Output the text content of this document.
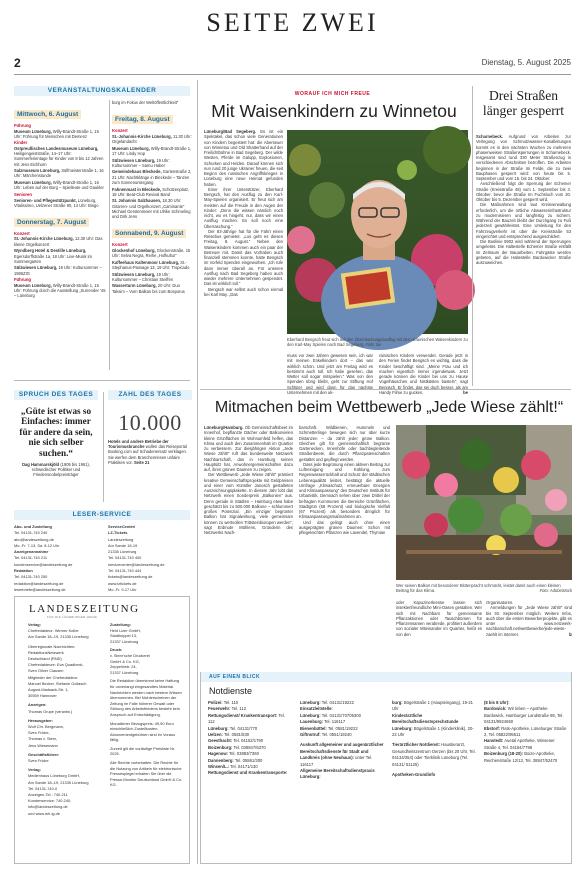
SEITE ZWEI
2	Dienstag, 5. August 2025
VERANSTALTUNGSKALENDER
Mittwoch, 6. August
Führung
Museum Lüneburg, Willy-Brandt-Straße 1, 15 Uhr: Führung für Menschen mit Demenz
Kinder
Ostpreußisches Landesmuseum Lüneburg, Heiligengeiststraße, 14–17 Uhr: Sommerferientage für Kinder von 8 bis 12 Jahren mit Jens Eichhorn
Salzmuseum Lüneburg, Sülfmeisterstraße 1, 16 Uhr: Märchenstunde
Museum Lüneburg, Willy-Brandt-Straße 1, 16 Uhr: Leben auf der Burg – Spielleute und Gaukler
Senioren
Senioren- und Pflegestützpunkt, Lüneburg, Vitalissimo, Uelzener Straße 90, 14 Uhr: Bingo
Donnerstag, 7. August
Konzert
St.-Johannis-Kirche Lüneburg, 12.30 Uhr: Das kleine Orgelkonzert
Wyndberg Hotel & Destille Lüneburg, Egersdorffstraße 1a, 18 Uhr: Live-Musik im Sommergarten
Sülzwiesen Lüneburg, 19 Uhr: Kultursommer – 1986ZIG
Führung
Museum Lüneburg, Willy-Brandt-Straße 1, 15 Uhr: Führung durch die Ausstellung „Surrender ’45 – Lüneburg
burg im Fokus der Weltöffentlichkeit“
Freitag, 8. August
Konzert
St.-Johannis-Kirche Lüneburg, 11.30 Uhr: Orgelandacht
Museum Lüneburg, Willy-Brandt-Straße 1, 17 Uhr: Lindy Hop
Sülzwiesen Lüneburg, 19 Uhr: Kultursommer – Samu Haber
Gemeindehaus Bleckede, Gartenstraße 2, 21 Uhr: Nachtklänge in Bleckede – Tanzen zum Sonnenuntergang
Fahnenmast in Bleckede, Schützenplatz, 18 Uhr: Beat-Club Revival Band
St. Johannis Salzhausen, 18.30 Uhr: Gitarren- und Orgelkonzert „Caminante“ Michael Gerstenmeier mit Ulrike Schmeling und Dirk Jens
Sonnabend, 9. August
Konzert
Glockenhof Lüneburg, Glockenstraße, 15 Uhr: Selva Negra, Reihe „Hofkultur“
Kaffeehaus Kaltenmoor Lüneburg, St.-Stephanus-Passage 13, 19 Uhr: Tropicado
Sülzwiesen Lüneburg, 19 Uhr: Kultursommer – Christian Steiffen
Wasserturm Lüneburg, 20 Uhr: Duo Taksim – Vom Balkan bis zum Bosporus
SPRUCH DES TAGES
„Güte ist etwas so Einfaches: immer für andere da sein, nie sich selber suchen.“
Dag Hammarskjöld (1905 bis 1961), schwedischer Politiker und Friedensnobelpreisträger
ZAHL DES TAGES
10.000
Hotels und andere Betriebe der Tourismusbranche wollen das Reiseportal Booking.com auf Schadenersatz verklagen. Sie werfen dem Branchenriesen unfaire Praktiken vor. Seite 21
LESER-SERVICE
Abo- und Zustellung
Tel. 04131-740 240
abo@landeszeitung.de
Mo.-Fr. 7-13, Sa. 8-12 Uhr
Anzeigenannahme
Tel. 04131-740 211
kundenservice@landeszeitung.de
Redaktion
Tel. 04131-740 250
redaktion@landeszeitung.de
leserbriefe@landeszeitung.de
ServiceCenter/
LZ-Tickets
Landeszeitung
Am Sande 18-19
21335 Lüneburg
Tel. 04131-740 400
servicecenter@landeszeitung.de
Tel. 04131-740 444
tickets@landeszeitung.de
www.lztickets.de
Mo.-Fr. 9-17 Uhr
LANDESZEITUNG
FÜR DIE LÜNEBURGER HEIDE
Verlag:
Chefredakteur: Werner Kolbe
Am Sande 18–19, 21335 Lüneburg
Überregionale Nachrichten:
RedaktionsNetzwerk
Deutschland (RND)
Chefredakteure: Eva Quadbeck,
Sven Oliver Clausen
Mitglieder der Chefredaktion:
Manuel Becker, Stefanie Gollasch
August-Madsack-Str. 1,
30559 Hannover
Anzeigen:
Thomas Grupe (verantw.)
Herausgeber:
Wolf Chr. Bergmann,
Sven Fricke,
Thomas v. Stern,
Jens Wiesemann
Geschäftsführer:
Sven Fricke
Verlag:
Medienhaus Lüneburg GmbH,
Am Sande 18–19, 21335 Lüneburg
Tel. 04131-740-0
Anzeigen-Tel.: 740-211
Kundenservice: 740-240,
info@landeszeitung.de
und www.mh-lg.de
Zustellung:
Heid Lizer GmbH,
Stadtkoppel 13,
21337 Lüneburg
Druck:
v. Stern’sche Druckerei
GmbH & Co. KG,
Zeppelinstr. 24,
21337 Lüneburg
Die Redaktion übernimmt keine Haftung für unverlangt eingesandtes Material. Nachrichten werden nach bestem Wissen übernommen. Bei Nichterscheinen der Zeitung im Falle höherer Gewalt oder Störung des Arbeitsfriedens besteht kein Anspruch auf Entschädigung.
Monatlicher Bezugspreis: 49,90 Euro einschließlich Zustellkosten. Abonnementgebühren sind im Voraus fällig.
Zurzeit gilt die vorläufige Preisliste Nr. 2025.
Alle Rechte vorbehalten. Die Rechte für die Nutzung von Artikeln für elektronische Pressespiegel erhalten Sie über die Presse-Monitor Deutschland GmbH & Co. KG.
WORAUF ICH MICH FREUE
Mit Waisenkindern zu Winnetou
Lüneburg/Bad Segeberg. Es ist ein Spektakel, das schon viele Generationen von Kindern begeistert hat: die Abenteuer von Winnetou und Old Shatterhand auf der Freilichtbühne in Bad Segeberg. Der wilde Westen, Pferde im Galopp, Explosionen, Schurken und Helden. Darauf können sich nun rund 20 junge Ukrainer freuen, die seit Beginn des russischen Angriffskrieges in Lüneburg eine neue Heimat gefunden haben.
 Einer ihrer Unterstützer, Eberhard Bengsch, hat den Ausflug zu den Karl-May-Spielen organisiert. Er freut sich am meisten auf die Freude in den Augen der Kinder: „Denn die wissen nämlich noch nicht, wo es hingeht, nur, dass wir einen Ausflug machen. Es soll noch eine Überraschung.“
 Der 83-Jährige hat für die Fahrt einen Reisebus gemietet. „Los geht es diesen Freitag, 8. August.“ Neben den Waisenkindern kommen auch ein paar der Betreuer mit. Damit das Vorhaben auch finanziell stemmen konnte, hatte Bengsch im Vorfeld Spenden eingeworben. „Ich rufe dann immer überall an. Für unseren Ausflug nach Bad Segeberg haben auch wieder mehrere Unternehmen gespendet. Das ist wirklich toll.“
 Bengsch war selbst auch schon einmal bei Karl May. „Das
Eberhard Bengsch freut sich auf den Überraschungsausflug mit den ukrainischen Waisenkindern zu den Karl-May Spielen nach Bad Segeberg. Foto: be
muss vor zwei Jahren gewesen sein, ich war mit meinen Enkelkindern dort – das war wirklich schön. Und jetzt am Freitag wird es bestimmt auch toll. Ich habe gesehen, das Wetter soll sogar mitspielen.“ Was von den Spenden übrig bleibt, geht zur Stiftung Hof Schlüter und wird dann für das nächste Unternehmen mit den uk-
rainischen Kindern verwendet. Gerade jetzt in den Ferien findet Bengsch es wichtig, dass die Kinder beschäftigt sind. „Meine Frau und ich machen eigentlich immer irgendetwas. Jetzt gerade können die Kinder bei uns zu Hause Vogelhäuschen und Nistkästen basteln“, sagt Bengsch. Er findet, das sei doch besser, als am Handy Filme zu gucken.	be
Drei Straßen länger gesperrt
Scharnebeck. Aufgrund von Arbeiten zur Verlegung von Schmutzwasser-Kanalleitungen kommt es in den nächsten Wochen zu mehreren phasenweisen Straßensperrungen in Scharnebeck. Insgesamt sind rund 330 Meter Straßenzug in verschiedenen Abschnitten betroffen. Die Arbeiten beginnen in der Straße Im Felde, die zu zwei Bauphasen gesperrt wird: von heute bis 5. September und vom 15. bis 24. Oktober.
 Anschließend folgt die Sperrung der Echemer Straße (Kreisstraße 48) vom 1. September bis 3. Oktober, bevor die Straße Im Fuchsloch vom 20. Oktober bis 5. Dezember gesperrt wird.
 Die Maßnahmen sind laut Kreisverwaltung erforderlich, um die örtliche Abwasserinfrastruktur zu modernisieren und langfristig zu sichern. Während der Bauzeit bleibt der Durchgang zu Fuß jederzeit gewährleistet. Eine Umleitung für den Fahrzeugverkehr ist über die Kreisstraße 53 eingerichtet und entsprechend ausgeschildert.
 Die Buslinie 5902 wird während der Sperrungen umgeleitet. Die Haltestelle Echemer Straße entfällt im Zeitraum der Bauarbeiten. Fahrgäste werden gebeten, auf die Haltestelle Bardowicker Straße auszuweichen.
Mitmachen beim Wettbewerb „Jede Wiese zählt!“
Lüneburg/Hamburg. Ob Gemeinschaftsbeet im Innenhof, bepflanzte Dächer oder Balkonvielen kleine Grünflächen im Wohnumfeld helfen, das Klima und auch den Zusammenhalt im Quartier zu verbessern. Zur diesjährigen Aktion „Jede Wiese zählt!“ ruft das bundesweite Netzwerk Nachbarschaft, das in Hamburg seinen Hauptsitz hat, Anwohnergemeinschaften dazu auf, ihren grünen Daumen zu zeigen.
 Der Wettbewerb „Jede Wiese zählt!“ prämiert kreative Gemeinschaftsprojekte mit Geldpreisen und einer vom Künstler Janosch gestalteten Auszeichnungsplakette. In diesem Jahr lobt das Netzwerk einen Sonderpreis „Balkonien“ aus. Denn gerade in Städten – Hamburg etwa habe geschätzt bis zu 500.000 Balkone – schlummert großes Potenzial. „Ein einziger begrünter Balkon hat Signalwirkung, viele gemeinsam können zu wertvollen Trittsteinbiotopen werden“, sagt Erdmute Mühlens, Gründerin des Netzwerks Nach-
barschaft. Wildbienen, Hummeln und Schmetterlinge bewegen sich nur über kurze Distanzen – da zählt jeder grüne Balkon. Gleiches gilt für gemeinschaftlich begrünte Gartenecken, Innenhöfe oder bachbegleitende Straßenbeete, die durch Pflanzpatenschaften gestaltet und gepflegt werden.
 Dass jede Begrünung einen aktiven Beitrag zur Luftreinigung und Kühlung, zum Regenwasserrückhalt und Schutz der städtischen Lebensqualität leistet, bestätigt die aktuelle Umfrage „Klimaschutz, erneuerbare Energien und Klimaanpassung“ des Deutschen Instituts für Urbanistik. Demnach sehen über zwei Drittel der befragten Kommunen die Bereiche Grünflächen, Stadtgrün (66 Prozent) und biologische Vielfalt (67 Prozent) als besonders dringlich für Klimaanpassungsmaßnahmen an.
 Und das gelingt auch ohne einen ausgeprägten grünen Daumen: Schon mit pflegeleichten Pflanzen wie Lavendel, Thymian
Wer seinen Balkon mit besonderer Blütenpracht schmückt, leistet damit auch einen kleinen Beitrag für das Klima.	Foto: AdobeStock
oder Kapuzinerkresse lassen sich insektenfreundliche Mini-Oasen gestalten. Wer sich mit Nachbarn für gemeinsame Pflanzaktionen oder Tauschbörsen für Pflanzensamen verabrede, profitiert außerdem von sozialer Miteinander im Quartier, heißt es von den
Organisatoren.
 Anmeldungen für „Jede Wiese zählt!“ sind bis 30. September möglich. Weitere Infos, auch über die ersten Bewerberprojekte, gibt es unter www.netzwerk-nachbarschaft.net/wettbewerbe/jede-wiese-zaehlt im Internet.	lz
AUF EINEN BLICK
Notdienste
Polizei: Tel. 110
Feuerwehr: Tel. 112
Rettungsdienst/ Krankentransport: Tel. 112
Lüneburg: Tel. 04131/770
Uelzen: Tel. 0581/830
Geesthacht: Tel. 04152/1790
Boizenburg: Tel. 038847/6370
Hagenow: Tel. 03883/7360
Dannenberg: Tel. 05861/300
Winsen/L.: Tel. 04171/130
Rettungsdienst und Krankentransporte:
Lüneburg: Tel. 04131/19222
Einsatzleitstelle:
Lüneburg: Tel. 04131/70705300
Lauenburg: Tel. 116117
Bienenbüttel: Tel. 0581/19222
Giftnotruf: Tel. 0551/19240
Auskunft allgemeiner und augenärztlicher Bereitschaftsdienste für Stadt und Landkreis (ohne Neuhaus): unter Tel. 116117
Allgemeine Bereitschaftsdienstpraxis Lüneburg:
burg: Bögelstraße 1 (Haupteingang), 19-21 Uhr
Kinderärztliche Bereitschaftsdienstsprechstunde Lüneburg: Bögelstraße 1 (Kinderklinik), 20-22 Uhr
Tierärztlicher Notdienst: Haustierarzt, Gesundheitszentrum Oerzen (bis 20 Uhr, Tel. 04134/354) oder Tierklinik Lüneburg (Tel. 04131/ 51125)
Apotheken-Grundinfo
(8 bis 8 Uhr):
Bardowick: Wir leben – Apotheke Bardowick, Hamburger Landstraße 69, Tel. 04131/9924650
Ebstorf: Rats-Apotheke, Lüneburger Straße 2, Tel. 05822/95511
Hanstedt: Auetal Apotheke, Winsener Straße 4, Tel. 04184/7799
Boizenburg (18-20): Boize-Apotheke, Reichenstraße 12/13, Tel. 38847/52470
